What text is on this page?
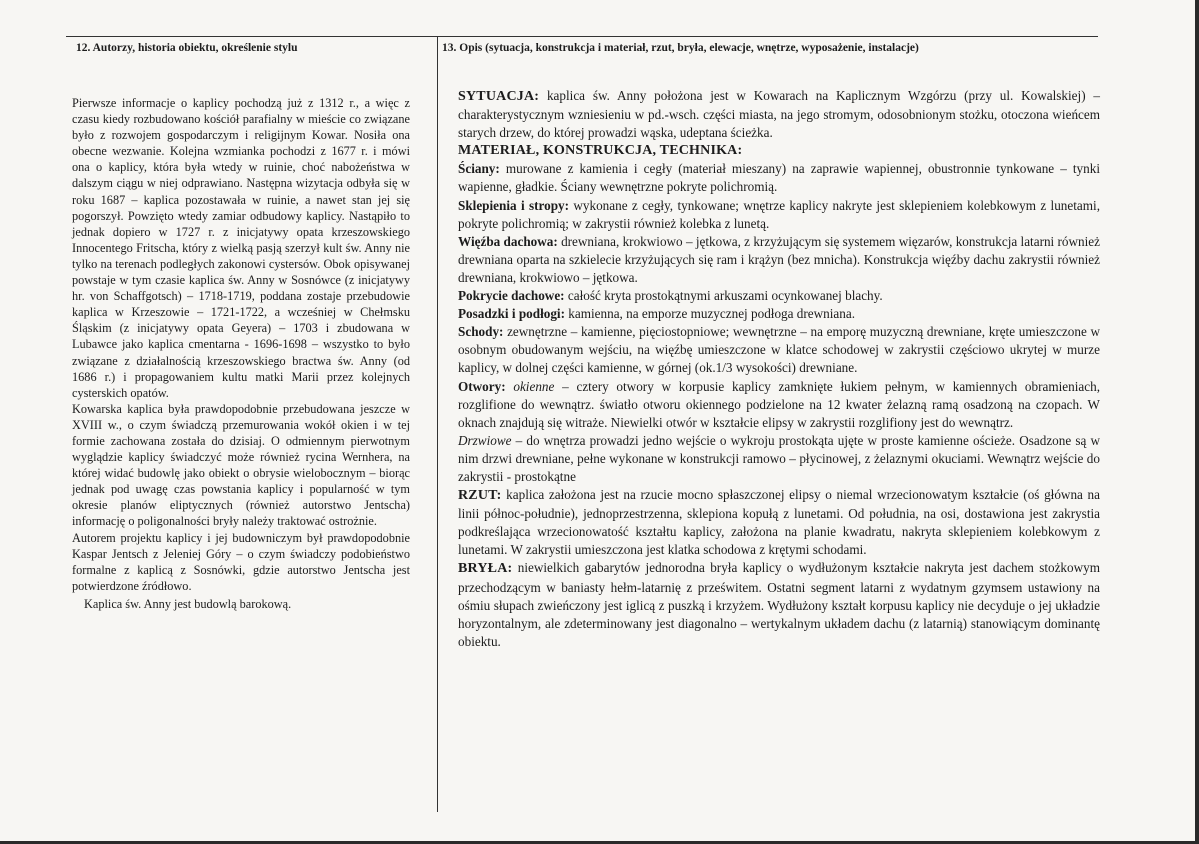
12. Autorzy, historia obiektu, określenie stylu	13. Opis (sytuacja, konstrukcja i materiał, rzut, bryła, elewacje, wnętrze, wyposażenie, instalacje)

Pierwsze informacje o kaplicy pochodzą już z 1312 r., a więc z czasu kiedy rozbudowano kościół parafialny w mieście co związane było z rozwojem gospodarczym i religijnym Kowar. Nosiła ona obecne wezwanie. Kolejna wzmianka pochodzi z 1677 r. i mówi ona o kaplicy, która była wtedy w ruinie, choć nabożeństwa w dalszym ciągu w niej odprawiano. Następna wizytacja odbyła się w roku 1687 – kaplica pozostawała w ruinie, a nawet stan jej się pogorszył. Powzięto wtedy zamiar odbudowy kaplicy. Nastąpiło to jednak dopiero w 1727 r. z inicjatywy opata krzeszowskiego Innocentego Fritscha, który z wielką pasją szerzył kult św. Anny nie tylko na terenach podległych zakonowi cystersów. Obok opisywanej powstaje w tym czasie kaplica św. Anny w Sosnówce (z inicjatywy hr. von Schaffgotsch) – 1718-1719, poddana zostaje przebudowie kaplica w Krzeszowie – 1721-1722, a wcześniej w Chełmsku Śląskim (z inicjatywy opata Geyera) – 1703 i zbudowana w Lubawce jako kaplica cmentarna - 1696-1698 – wszystko to było związane z działalnością krzeszowskiego bractwa św. Anny (od 1686 r.) i propagowaniem kultu matki Marii przez kolejnych cysterskich opatów.

Kowarska kaplica była prawdopodobnie przebudowana jeszcze w XVIII w., o czym świadczą przemurowania wokół okien i w tej formie zachowana została do dzisiaj. O odmiennym pierwotnym wyglądzie kaplicy świadczyć może również rycina Wernhera, na której widać budowlę jako obiekt o obrysie wielobocznym – biorąc jednak pod uwagę czas powstania kaplicy i popularność w tym okresie planów eliptycznych (również autorstwo Jentscha) informację o poligonalności bryły należy traktować ostrożnie.

Autorem projektu kaplicy i jej budowniczym był prawdopodobnie Kaspar Jentsch z Jeleniej Góry – o czym świadczy podobieństwo formalne z kaplicą z Sosnówki, gdzie autorstwo Jentscha jest potwierdzone źródłowo.

Kaplica św. Anny jest budowlą barokową.

SYTUACJA: kaplica św. Anny położona jest w Kowarach na Kaplicznym Wzgórzu (przy ul. Kowalskiej) – charakterystycznym wzniesieniu w pd.-wsch. części miasta, na jego stromym, odosobnionym stożku, otoczona wieńcem starych drzew, do której prowadzi wąska, udeptana ścieżka.

MATERIAŁ, KONSTRUKCJA, TECHNIKA:

Ściany: murowane z kamienia i cegły (materiał mieszany) na zaprawie wapiennej, obustronnie tynkowane – tynki wapienne, gładkie. Ściany wewnętrzne pokryte polichromią.

Sklepienia i stropy: wykonane z cegły, tynkowane; wnętrze kaplicy nakryte jest sklepieniem kolebkowym z lunetami, pokryte polichromią; w zakrystii również kolebka z lunetą.

Więźba dachowa: drewniana, krokwiowo – jętkowa, z krzyżującym się systemem więzarów, konstrukcja latarni również drewniana oparta na szkielecie krzyżujących się ram i krążyn (bez mnicha). Konstrukcja więźby dachu zakrystii również drewniana, krokwiowo – jętkowa.

Pokrycie dachowe: całość kryta prostokątnymi arkuszami ocynkowanej blachy.

Posadzki i podłogi: kamienna, na emporze muzycznej podłoga drewniana.

Schody: zewnętrzne – kamienne, pięciostopniowe; wewnętrzne – na emporę muzyczną drewniane, kręte umieszczone w osobnym obudowanym wejściu, na więźbę umieszczone w klatce schodowej w zakrystii częściowo ukrytej w murze kaplicy, w dolnej części kamienne, w górnej (ok.1/3 wysokości) drewniane.

Otwory: okienne – cztery otwory w korpusie kaplicy zamknięte łukiem pełnym, w kamiennych obramieniach, rozglifione do wewnątrz. światło otworu okiennego podzielone na 12 kwater żelazną ramą osadzoną na czopach. W oknach znajdują się witraże. Niewielki otwór w kształcie elipsy w zakrystii rozglifiony jest do wewnątrz.

Drzwiowe – do wnętrza prowadzi jedno wejście o wykroju prostokąta ujęte w proste kamienne ościeże. Osadzone są w nim drzwi drewniane, pełne wykonane w konstrukcji ramowo – płycinowej, z żelaznymi okuciami. Wewnątrz wejście do zakrystii - prostokątne

RZUT: kaplica założona jest na rzucie mocno spłaszczonej elipsy o niemal wrzecionowatym kształcie (oś główna na linii północ-południe), jednoprzestrzenna, sklepiona kopułą z lunetami. Od południa, na osi, dostawiona jest zakrystia podkreślająca wrzecionowatość kształtu kaplicy, założona na planie kwadratu, nakryta sklepieniem kolebkowym z lunetami. W zakrystii umieszczona jest klatka schodowa z krętymi schodami.

BRYŁA: niewielkich gabarytów jednorodna bryła kaplicy o wydłużonym kształcie nakryta jest dachem stożkowym przechodzącym w baniasty hełm-latarnię z prześwitem. Ostatni segment latarni z wydatnym gzymsem ustawiony na ośmiu słupach zwieńczony jest iglicą z puszką i krzyżem. Wydłużony kształt korpusu kaplicy nie decyduje o jej układzie horyzontalnym, ale zdeterminowany jest diagonalno – wertykalnym układem dachu (z latarnią) stanowiącym dominantę obiektu.
